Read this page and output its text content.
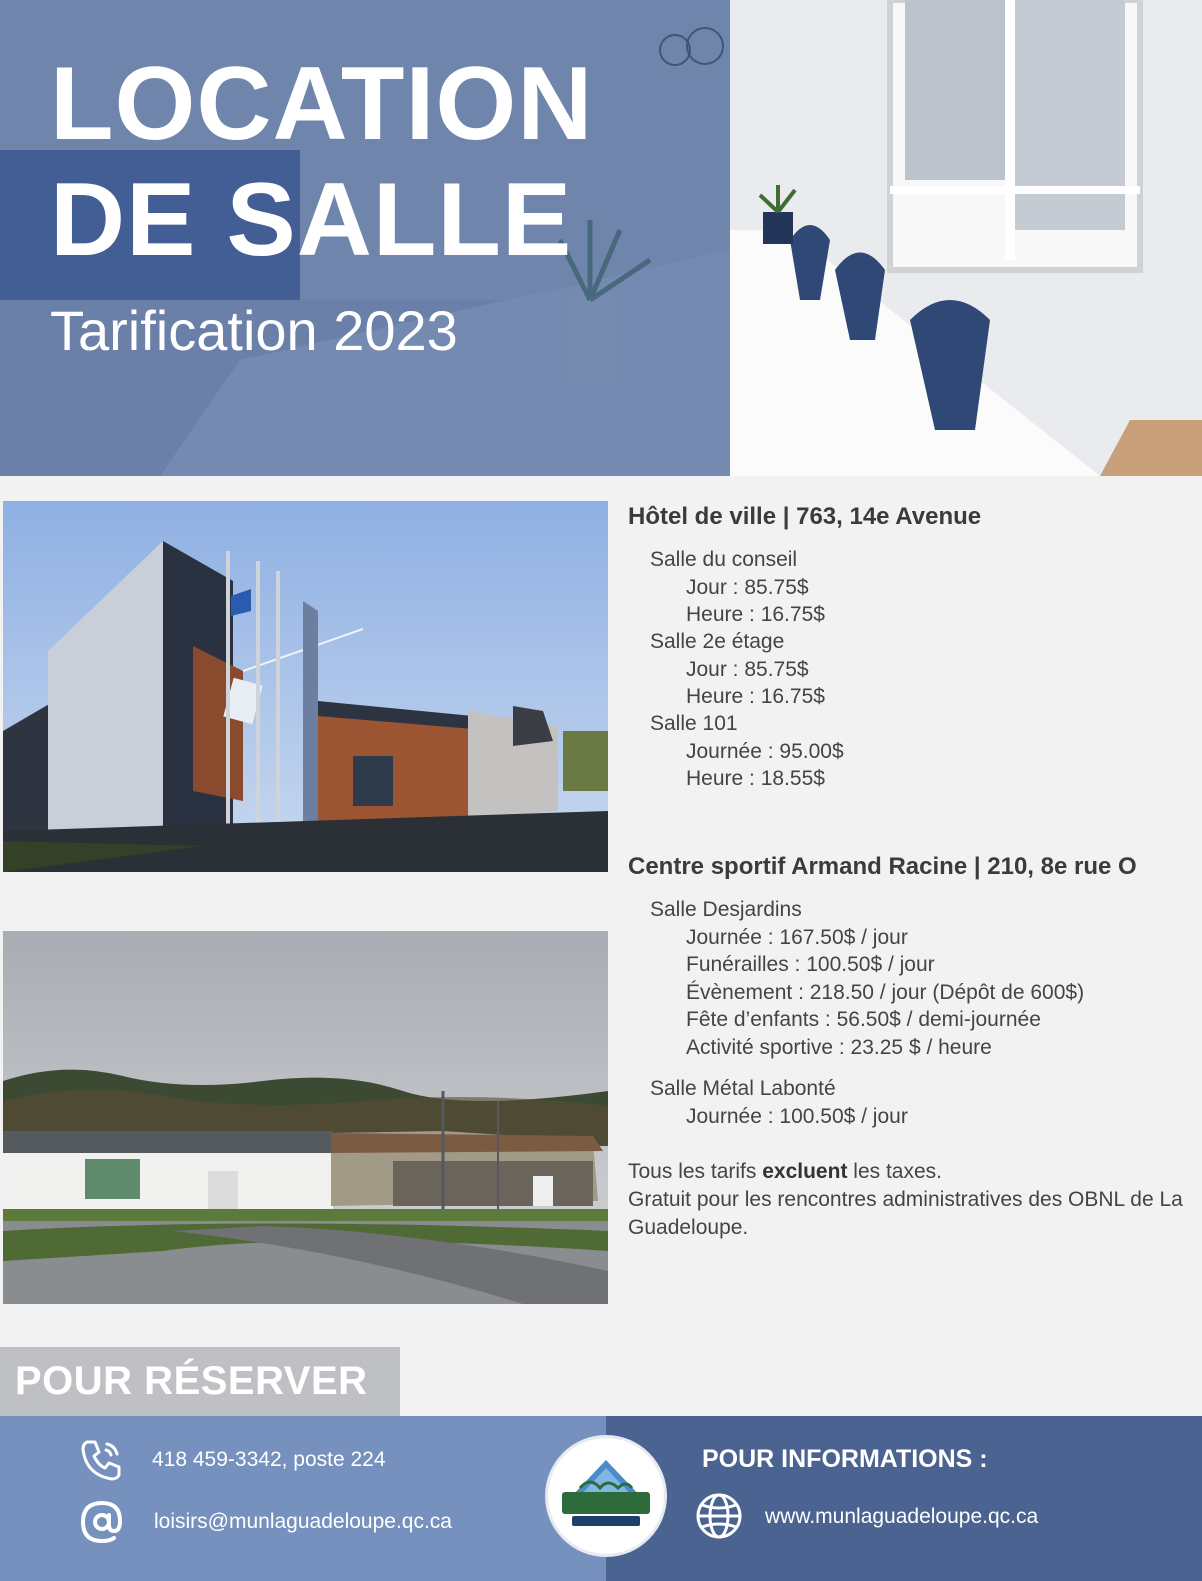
LOCATION
DE SALLE
Tarification 2023
Hôtel de ville | 763, 14e Avenue
Salle du conseil
Jour : 85.75$
Heure : 16.75$
Salle 2e étage
Jour : 85.75$
Heure : 16.75$
Salle 101
Journée : 95.00$
Heure : 18.55$
Centre sportif Armand Racine | 210, 8e rue O
Salle Desjardins
Journée : 167.50$ / jour
Funérailles : 100.50$ / jour
Évènement : 218.50 / jour (Dépôt de 600$)
Fête d’enfants : 56.50$ / demi-journée
Activité sportive : 23.25 $ / heure
Salle Métal Labonté
Journée : 100.50$ / jour
Tous les tarifs excluent les taxes.
Gratuit pour les rencontres administratives des OBNL de La Guadeloupe.
POUR RÉSERVER
418 459-3342, poste 224
loisirs@munlaguadeloupe.qc.ca
POUR INFORMATIONS :
www.munlaguadeloupe.qc.ca
